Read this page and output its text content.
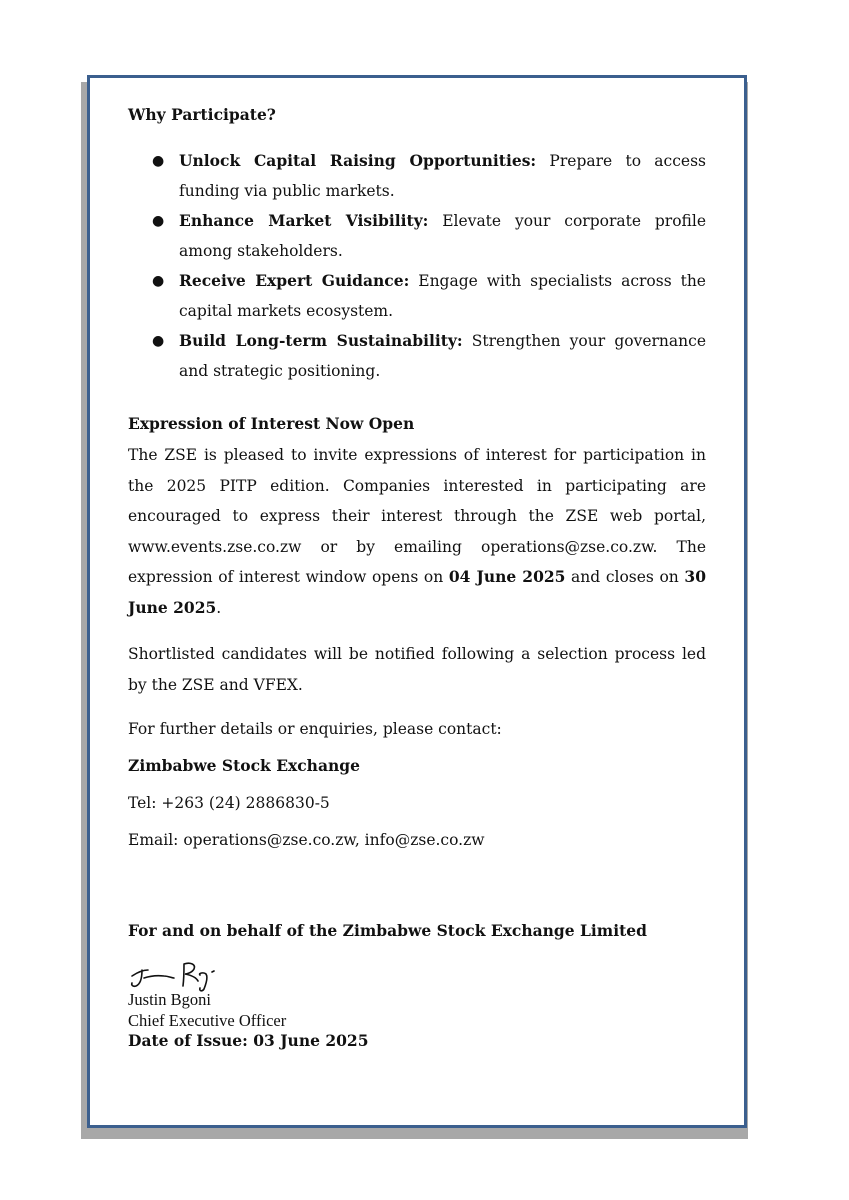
Why Participate?

● Unlock Capital Raising Opportunities: Prepare to access funding via public markets.
● Enhance Market Visibility: Elevate your corporate profile among stakeholders.
● Receive Expert Guidance: Engage with specialists across the capital markets ecosystem.
● Build Long-term Sustainability: Strengthen your governance and strategic positioning.

Expression of Interest Now Open

The ZSE is pleased to invite expressions of interest for participation in the 2025 PITP edition. Companies interested in participating are encouraged to express their interest through the ZSE web portal, www.events.zse.co.zw or by emailing operations@zse.co.zw. The expression of interest window opens on 04 June 2025 and closes on 30 June 2025.

Shortlisted candidates will be notified following a selection process led by the ZSE and VFEX.

For further details or enquiries, please contact:

Zimbabwe Stock Exchange

Tel: +263 (24) 2886830-5

Email: operations@zse.co.zw, info@zse.co.zw

For and on behalf of the Zimbabwe Stock Exchange Limited

Justin Bgoni
Chief Executive Officer
Date of Issue: 03 June 2025
